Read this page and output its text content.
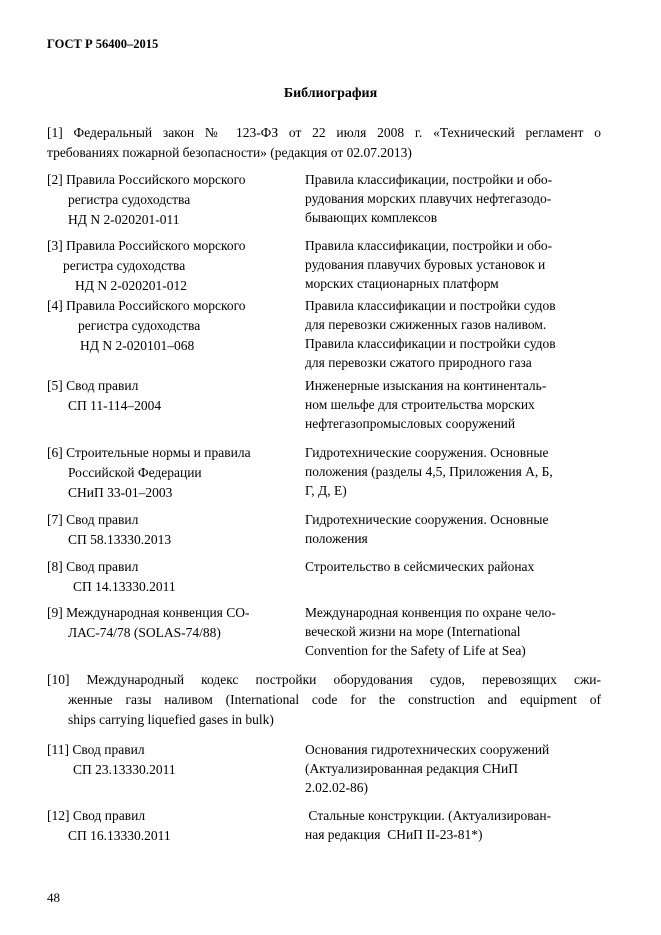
ГОСТ Р 56400–2015
Библиография
[1] Федеральный закон № 123-ФЗ от 22 июля 2008 г. «Технический регламент о
требованиях пожарной безопасности» (редакция от 02.07.2013)
[2] Правила Российского морского
регистра судоходства
НД N 2-020201-011
Правила классификации, постройки и обо-
рудования морских плавучих нефтегазодо-
бывающих комплексов
[3] Правила Российского морского
регистра судоходства
НД N 2-020201-012
Правила классификации, постройки и обо-
рудования плавучих буровых установок и
морских стационарных платформ
[4] Правила Российского морского
регистра судоходства
НД N 2-020101–068
Правила классификации и постройки судов
для перевозки сжиженных газов наливом.
Правила классификации и постройки судов
для перевозки сжатого природного газа
[5] Свод правил
СП 11-114–2004
Инженерные изыскания на континенталь-
ном шельфе для строительства морских
нефтегазопромысловых сооружений
[6] Строительные нормы и правила
Российской Федерации
СНиП 33-01–2003
Гидротехнические сооружения. Основные
положения (разделы 4,5, Приложения А, Б,
Г, Д, Е)
[7] Свод правил
СП 58.13330.2013
Гидротехнические сооружения. Основные
положения
[8] Свод правил
СП 14.13330.2011
Строительство в сейсмических районах
[9] Международная конвенция СО-
ЛАС-74/78 (SOLAS-74/88)
Международная конвенция по охране чело-
веческой жизни на море (International
Convention for the Safety of Life at Sea)
[10] Международный кодекс постройки оборудования судов, перевозящих сжи-
женные газы наливом (International code for the construction and equipment of
ships carrying liquefied gases in bulk)
[11] Свод правил
СП 23.13330.2011
Основания гидротехнических сооружений
(Актуализированная редакция СНиП
2.02.02-86)
[12] Свод правил
СП 16.13330.2011
Стальные конструкции. (Актуализирован-
ная редакция  СНиП II-23-81*)
48
